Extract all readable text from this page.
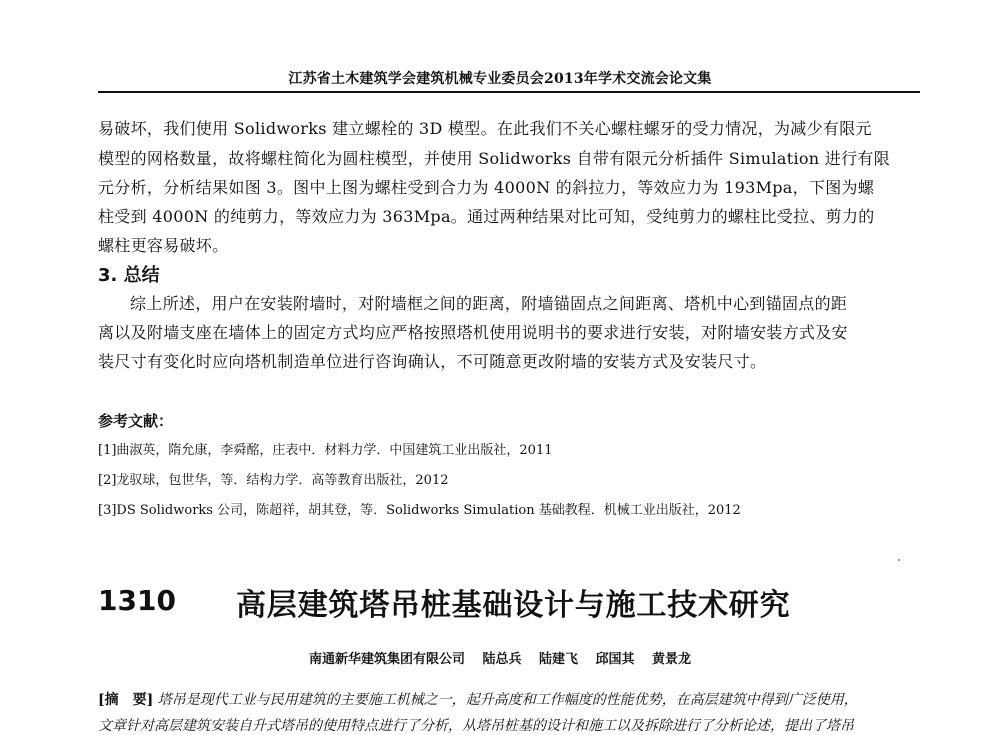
江苏省土木建筑学会建筑机械专业委员会2013年学术交流会论文集
易破坏，我们使用 Solidworks 建立螺栓的 3D 模型。在此我们不关心螺柱螺牙的受力情况，为减少有限元
模型的网格数量，故将螺柱简化为圆柱模型，并使用 Solidworks 自带有限元分析插件 Simulation 进行有限
元分析，分析结果如图 3。图中上图为螺柱受到合力为 4000N 的斜拉力，等效应力为 193Mpa，下图为螺
柱受到 4000N 的纯剪力，等效应力为 363Mpa。通过两种结果对比可知，受纯剪力的螺柱比受拉、剪力的
螺柱更容易破坏。
3. 总结
综上所述，用户在安装附墙时，对附墙框之间的距离，附墙锚固点之间距离、塔机中心到锚固点的距
离以及附墙支座在墙体上的固定方式均应严格按照塔机使用说明书的要求进行安装，对附墙安装方式及安
装尺寸有变化时应向塔机制造单位进行咨询确认，不可随意更改附墙的安装方式及安装尺寸。
参考文献：
[1]曲淑英，隋允康，李舜酩，庄表中．材料力学．中国建筑工业出版社，2011
[2]龙驭球，包世华，等．结构力学．高等教育出版社，2012
[3]DS Solidworks 公司，陈超祥，胡其登，等．Solidworks Simulation 基础教程．机械工业出版社，2012
1310 高层建筑塔吊桩基础设计与施工技术研究
南通新华建筑集团有限公司　 陆总兵　 陆建飞　 邱国其　 黄景龙
[摘　要] 塔吊是现代工业与民用建筑的主要施工机械之一，起升高度和工作幅度的性能优势，在高层建筑中得到广泛使用，
文章针对高层建筑安装自升式塔吊的使用特点进行了分析，从塔吊桩基的设计和施工以及拆除进行了分析论述，提出了塔吊
